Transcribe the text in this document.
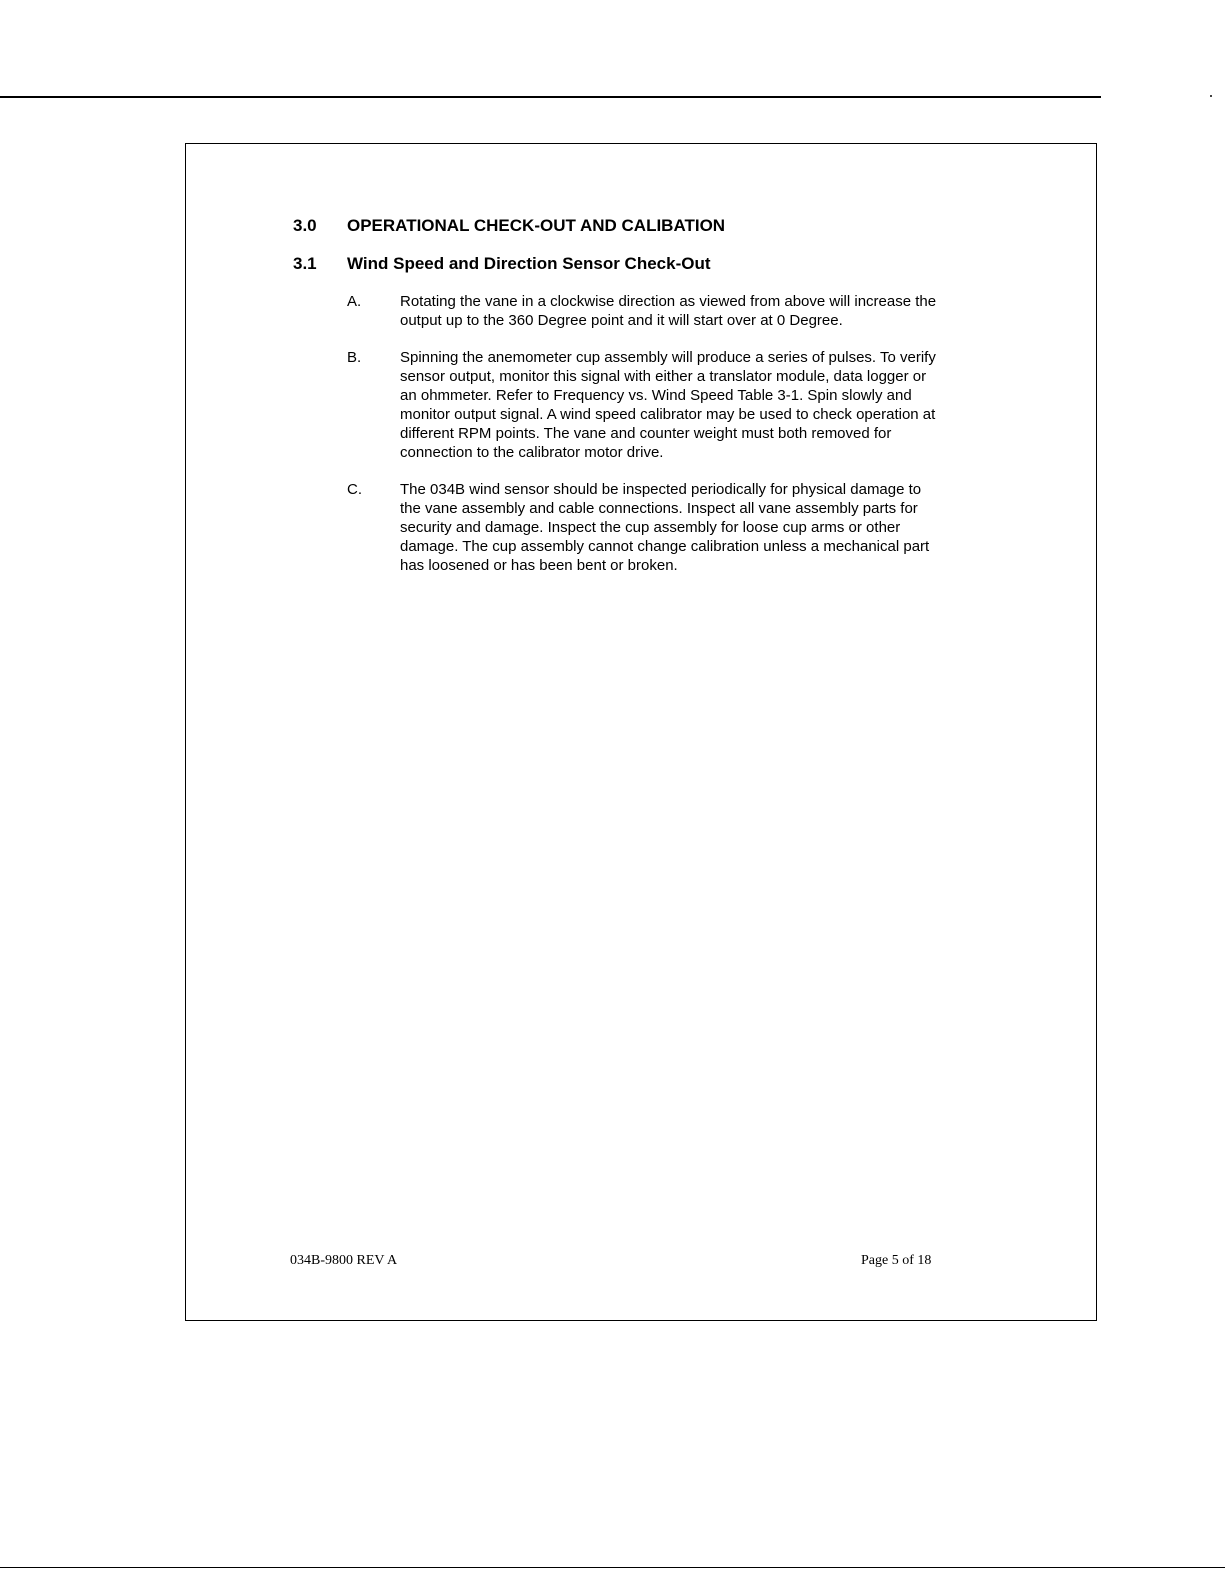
3.0 OPERATIONAL CHECK-OUT AND CALIBATION
3.1 Wind Speed and Direction Sensor Check-Out
A.	Rotating the vane in a clockwise direction as viewed from above will increase the
output up to the 360 Degree point and it will start over at 0 Degree.
B.	Spinning the anemometer cup assembly will produce a series of pulses. To verify
sensor output, monitor this signal with either a translator module, data logger or
an ohmmeter. Refer to Frequency vs. Wind Speed Table 3-1. Spin slowly and
monitor output signal. A wind speed calibrator may be used to check operation at
different RPM points. The vane and counter weight must both removed for
connection to the calibrator motor drive.
C.	The 034B wind sensor should be inspected periodically for physical damage to
the vane assembly and cable connections. Inspect all vane assembly parts for
security and damage. Inspect the cup assembly for loose cup arms or other
damage. The cup assembly cannot change calibration unless a mechanical part
has loosened or has been bent or broken.
034B-9800 REV A	Page 5 of 18
